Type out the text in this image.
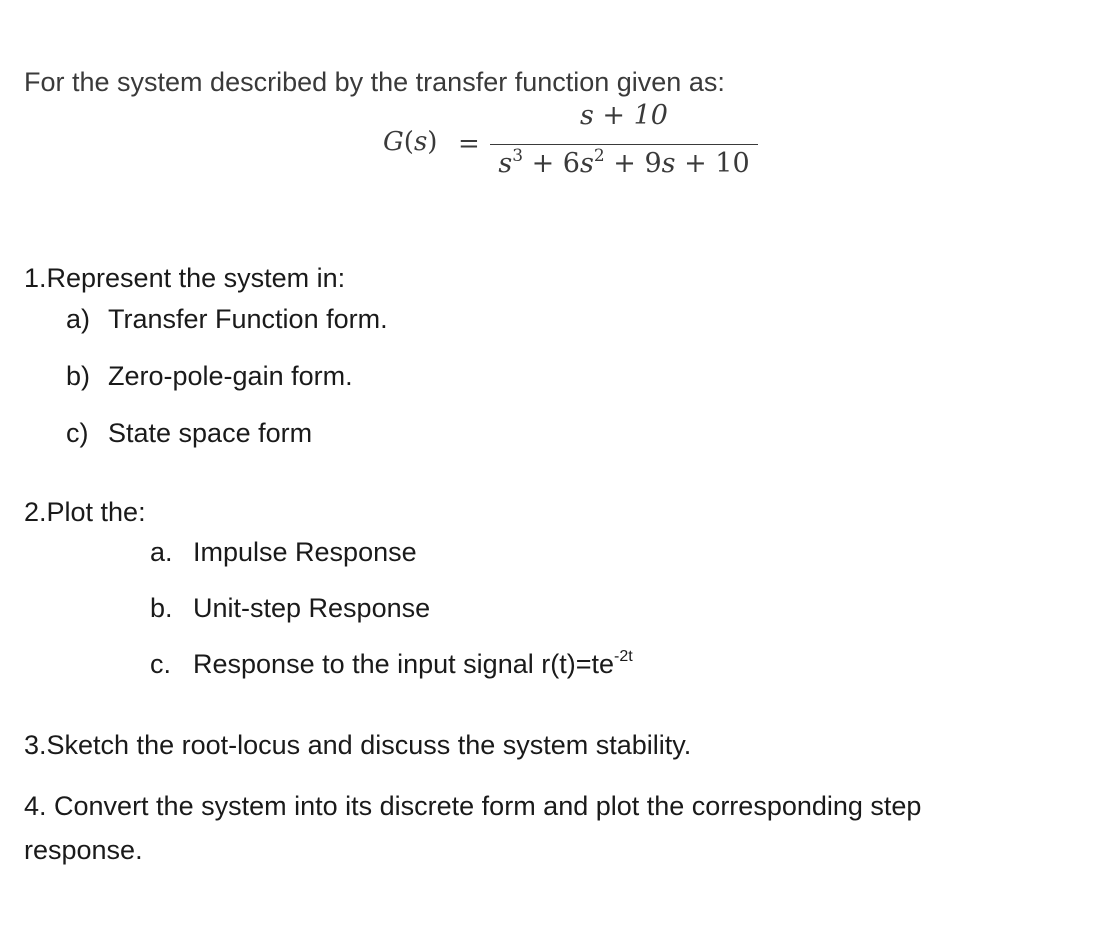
For the system described by the transfer function given as:
G(s) =
s + 10
$s^3 + 6s^2 + 9s + 10$
1.Represent the system in:
a) Transfer Function form.
b) Zero-pole-gain form.
c) State space form
2.Plot the:
a. Impulse Response
b. Unit-step Response
c. Response to the input signal $r(t)=te^{-2t}$
3.Sketch the root-locus and discuss the system stability.
4. Convert the system into its discrete form and plot the corresponding step
response.
